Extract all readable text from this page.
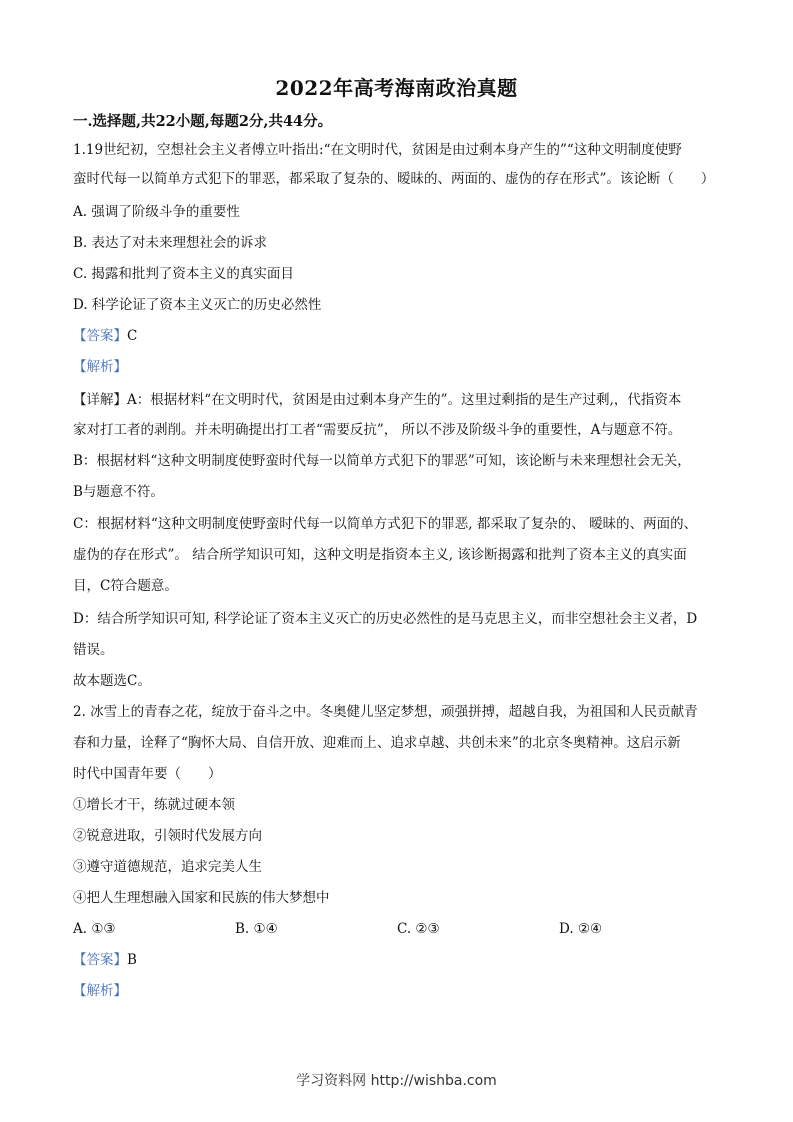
2022年高考海南政治真题
一.选择题,共22小题,每题2分,共44分。
1.19世纪初，空想社会主义者傅立叶指出:“在文明时代，贫困是由过剩本身产生的”“这种文明制度使野
蛮时代每一以简单方式犯下的罪恶，都采取了复杂的、暧昧的、两面的、虚伪的存在形式”。该论断（　　）
A. 强调了阶级斗争的重要性
B. 表达了对未来理想社会的诉求
C. 揭露和批判了资本主义的真实面目
D. 科学论证了资本主义灭亡的历史必然性
【答案】C
【解析】
【详解】A：根据材料“在文明时代，贫困是由过剩本身产生的”。这里过剩指的是生产过剩,，代指资本
家对打工者的剥削。并未明确提出打工者“需要反抗”， 所以不涉及阶级斗争的重要性，A与题意不符。
B：根据材料“这种文明制度使野蛮时代每一以简单方式犯下的罪恶”可知，该论断与未来理想社会无关，
B与题意不符。
C：根据材料“这种文明制度使野蛮时代每一以简单方式犯下的罪恶, 都采取了复杂的、 暧昧的、两面的、
虚伪的存在形式”。 结合所学知识可知，这种文明是指资本主义, 该诊断揭露和批判了资本主义的真实面
目，C符合题意。
D：结合所学知识可知, 科学论证了资本主义灭亡的历史必然性的是马克思主义，而非空想社会主义者，D
错误。
故本题选C。
2. 冰雪上的青春之花，绽放于奋斗之中。冬奥健儿坚定梦想，顽强拼搏，超越自我，为祖国和人民贡献青
春和力量，诠释了“胸怀大局、自信开放、迎难而上、追求卓越、共创未来”的北京冬奥精神。这启示新
时代中国青年要（　　）
①增长才干，练就过硬本领
②锐意进取，引领时代发展方向
③遵守道德规范，追求完美人生
④把人生理想融入国家和民族的伟大梦想中
A. ①③	B. ①④	C. ②③	D. ②④
【答案】B
【解析】
学习资料网 http://wishba.com
